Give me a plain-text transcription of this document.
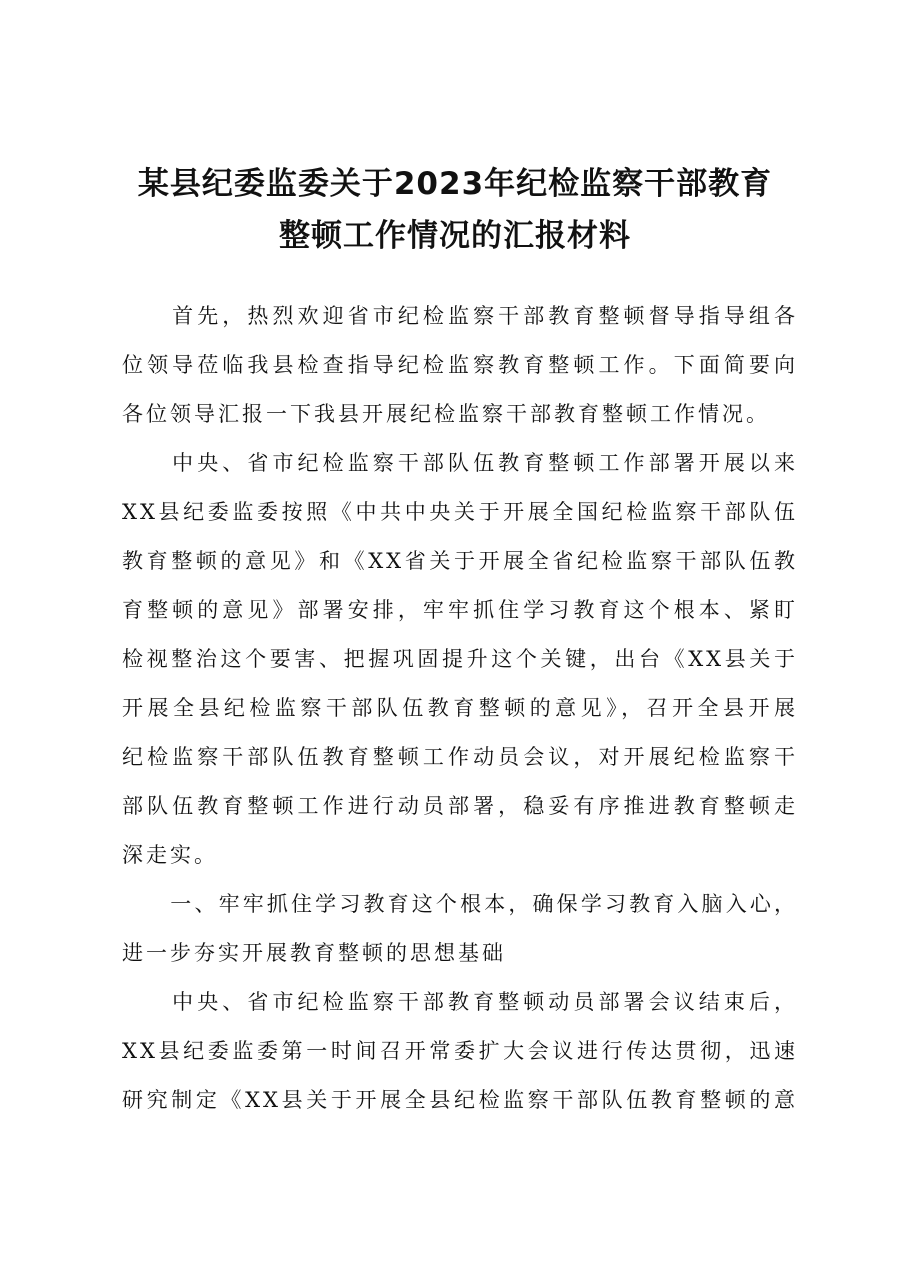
某县纪委监委关于2023年纪检监察干部教育
整顿工作情况的汇报材料
　　首先，热烈欢迎省市纪检监察干部教育整顿督导指导组各
位领导莅临我县检查指导纪检监察教育整顿工作。下面简要向
各位领导汇报一下我县开展纪检监察干部教育整顿工作情况。
　　中央、省市纪检监察干部队伍教育整顿工作部署开展以来
XX县纪委监委按照《中共中央关于开展全国纪检监察干部队伍
教育整顿的意见》和《XX省关于开展全省纪检监察干部队伍教
育整顿的意见》部署安排，牢牢抓住学习教育这个根本、紧盯
检视整治这个要害、把握巩固提升这个关键，出台《XX县关于
开展全县纪检监察干部队伍教育整顿的意见》，召开全县开展
纪检监察干部队伍教育整顿工作动员会议，对开展纪检监察干
部队伍教育整顿工作进行动员部署，稳妥有序推进教育整顿走
深走实。
　　一、牢牢抓住学习教育这个根本，确保学习教育入脑入心，
进一步夯实开展教育整顿的思想基础
　　中央、省市纪检监察干部教育整顿动员部署会议结束后，
XX县纪委监委第一时间召开常委扩大会议进行传达贯彻，迅速
研究制定《XX县关于开展全县纪检监察干部队伍教育整顿的意
